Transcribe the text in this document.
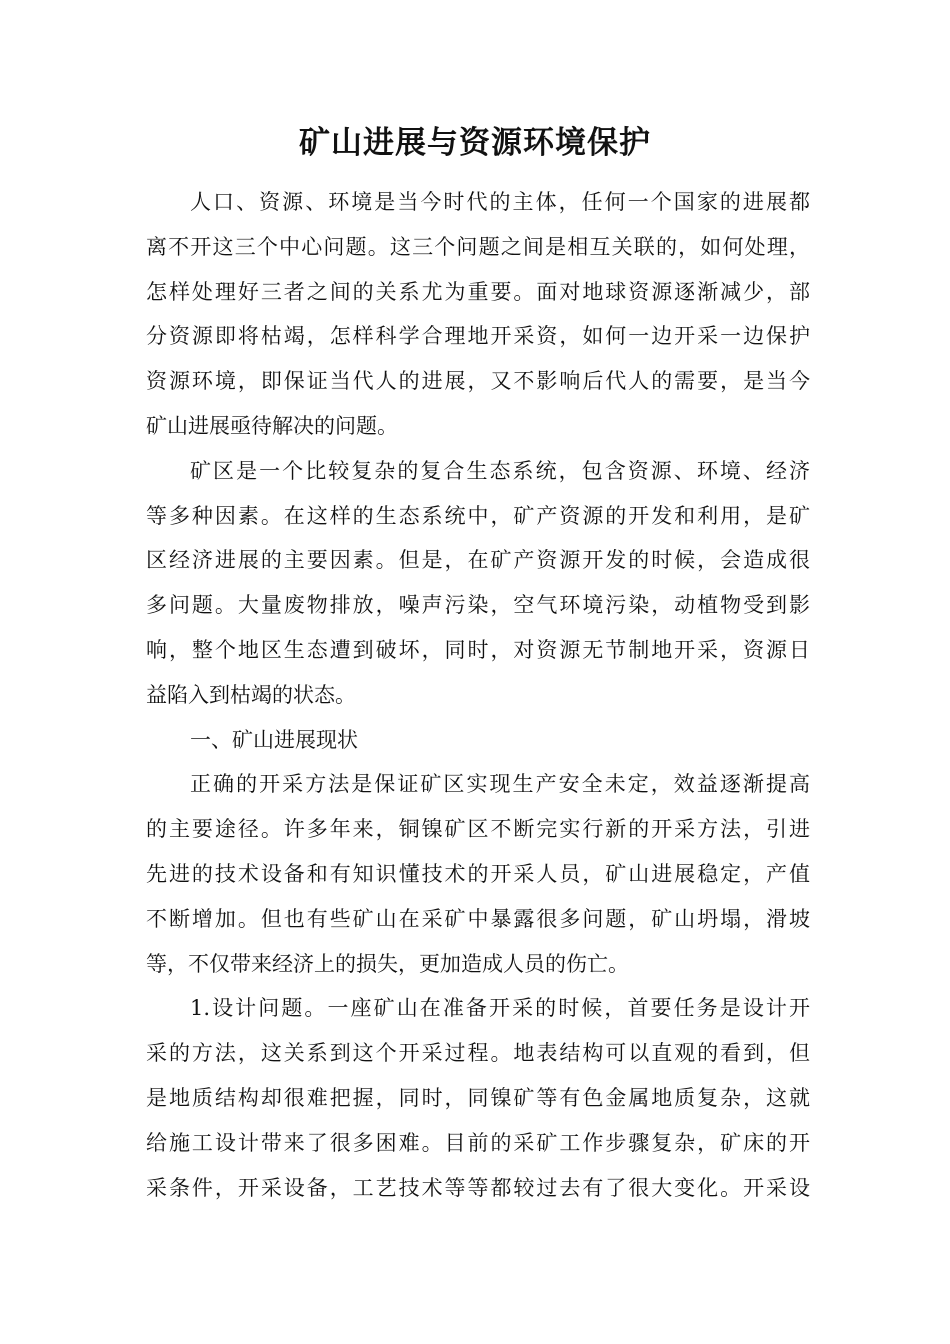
矿山进展与资源环境保护
人口、资源、环境是当今时代的主体，任何一个国家的进展都
离不开这三个中心问题。这三个问题之间是相互关联的，如何处理，
怎样处理好三者之间的关系尤为重要。面对地球资源逐渐减少，部
分资源即将枯竭，怎样科学合理地开采资，如何一边开采一边保护
资源环境，即保证当代人的进展，又不影响后代人的需要，是当今
矿山进展亟待解决的问题。
矿区是一个比较复杂的复合生态系统，包含资源、环境、经济
等多种因素。在这样的生态系统中，矿产资源的开发和利用，是矿
区经济进展的主要因素。但是，在矿产资源开发的时候，会造成很
多问题。大量废物排放，噪声污染，空气环境污染，动植物受到影
响，整个地区生态遭到破坏，同时，对资源无节制地开采，资源日
益陷入到枯竭的状态。
一、矿山进展现状
正确的开采方法是保证矿区实现生产安全未定，效益逐渐提高
的主要途径。许多年来，铜镍矿区不断完实行新的开采方法，引进
先进的技术设备和有知识懂技术的开采人员，矿山进展稳定，产值
不断增加。但也有些矿山在采矿中暴露很多问题，矿山坍塌，滑坡
等，不仅带来经济上的损失，更加造成人员的伤亡。
1.设计问题。一座矿山在准备开采的时候，首要任务是设计开
采的方法，这关系到这个开采过程。地表结构可以直观的看到，但
是地质结构却很难把握，同时，同镍矿等有色金属地质复杂，这就
给施工设计带来了很多困难。目前的采矿工作步骤复杂，矿床的开
采条件，开采设备，工艺技术等等都较过去有了很大变化。开采设
